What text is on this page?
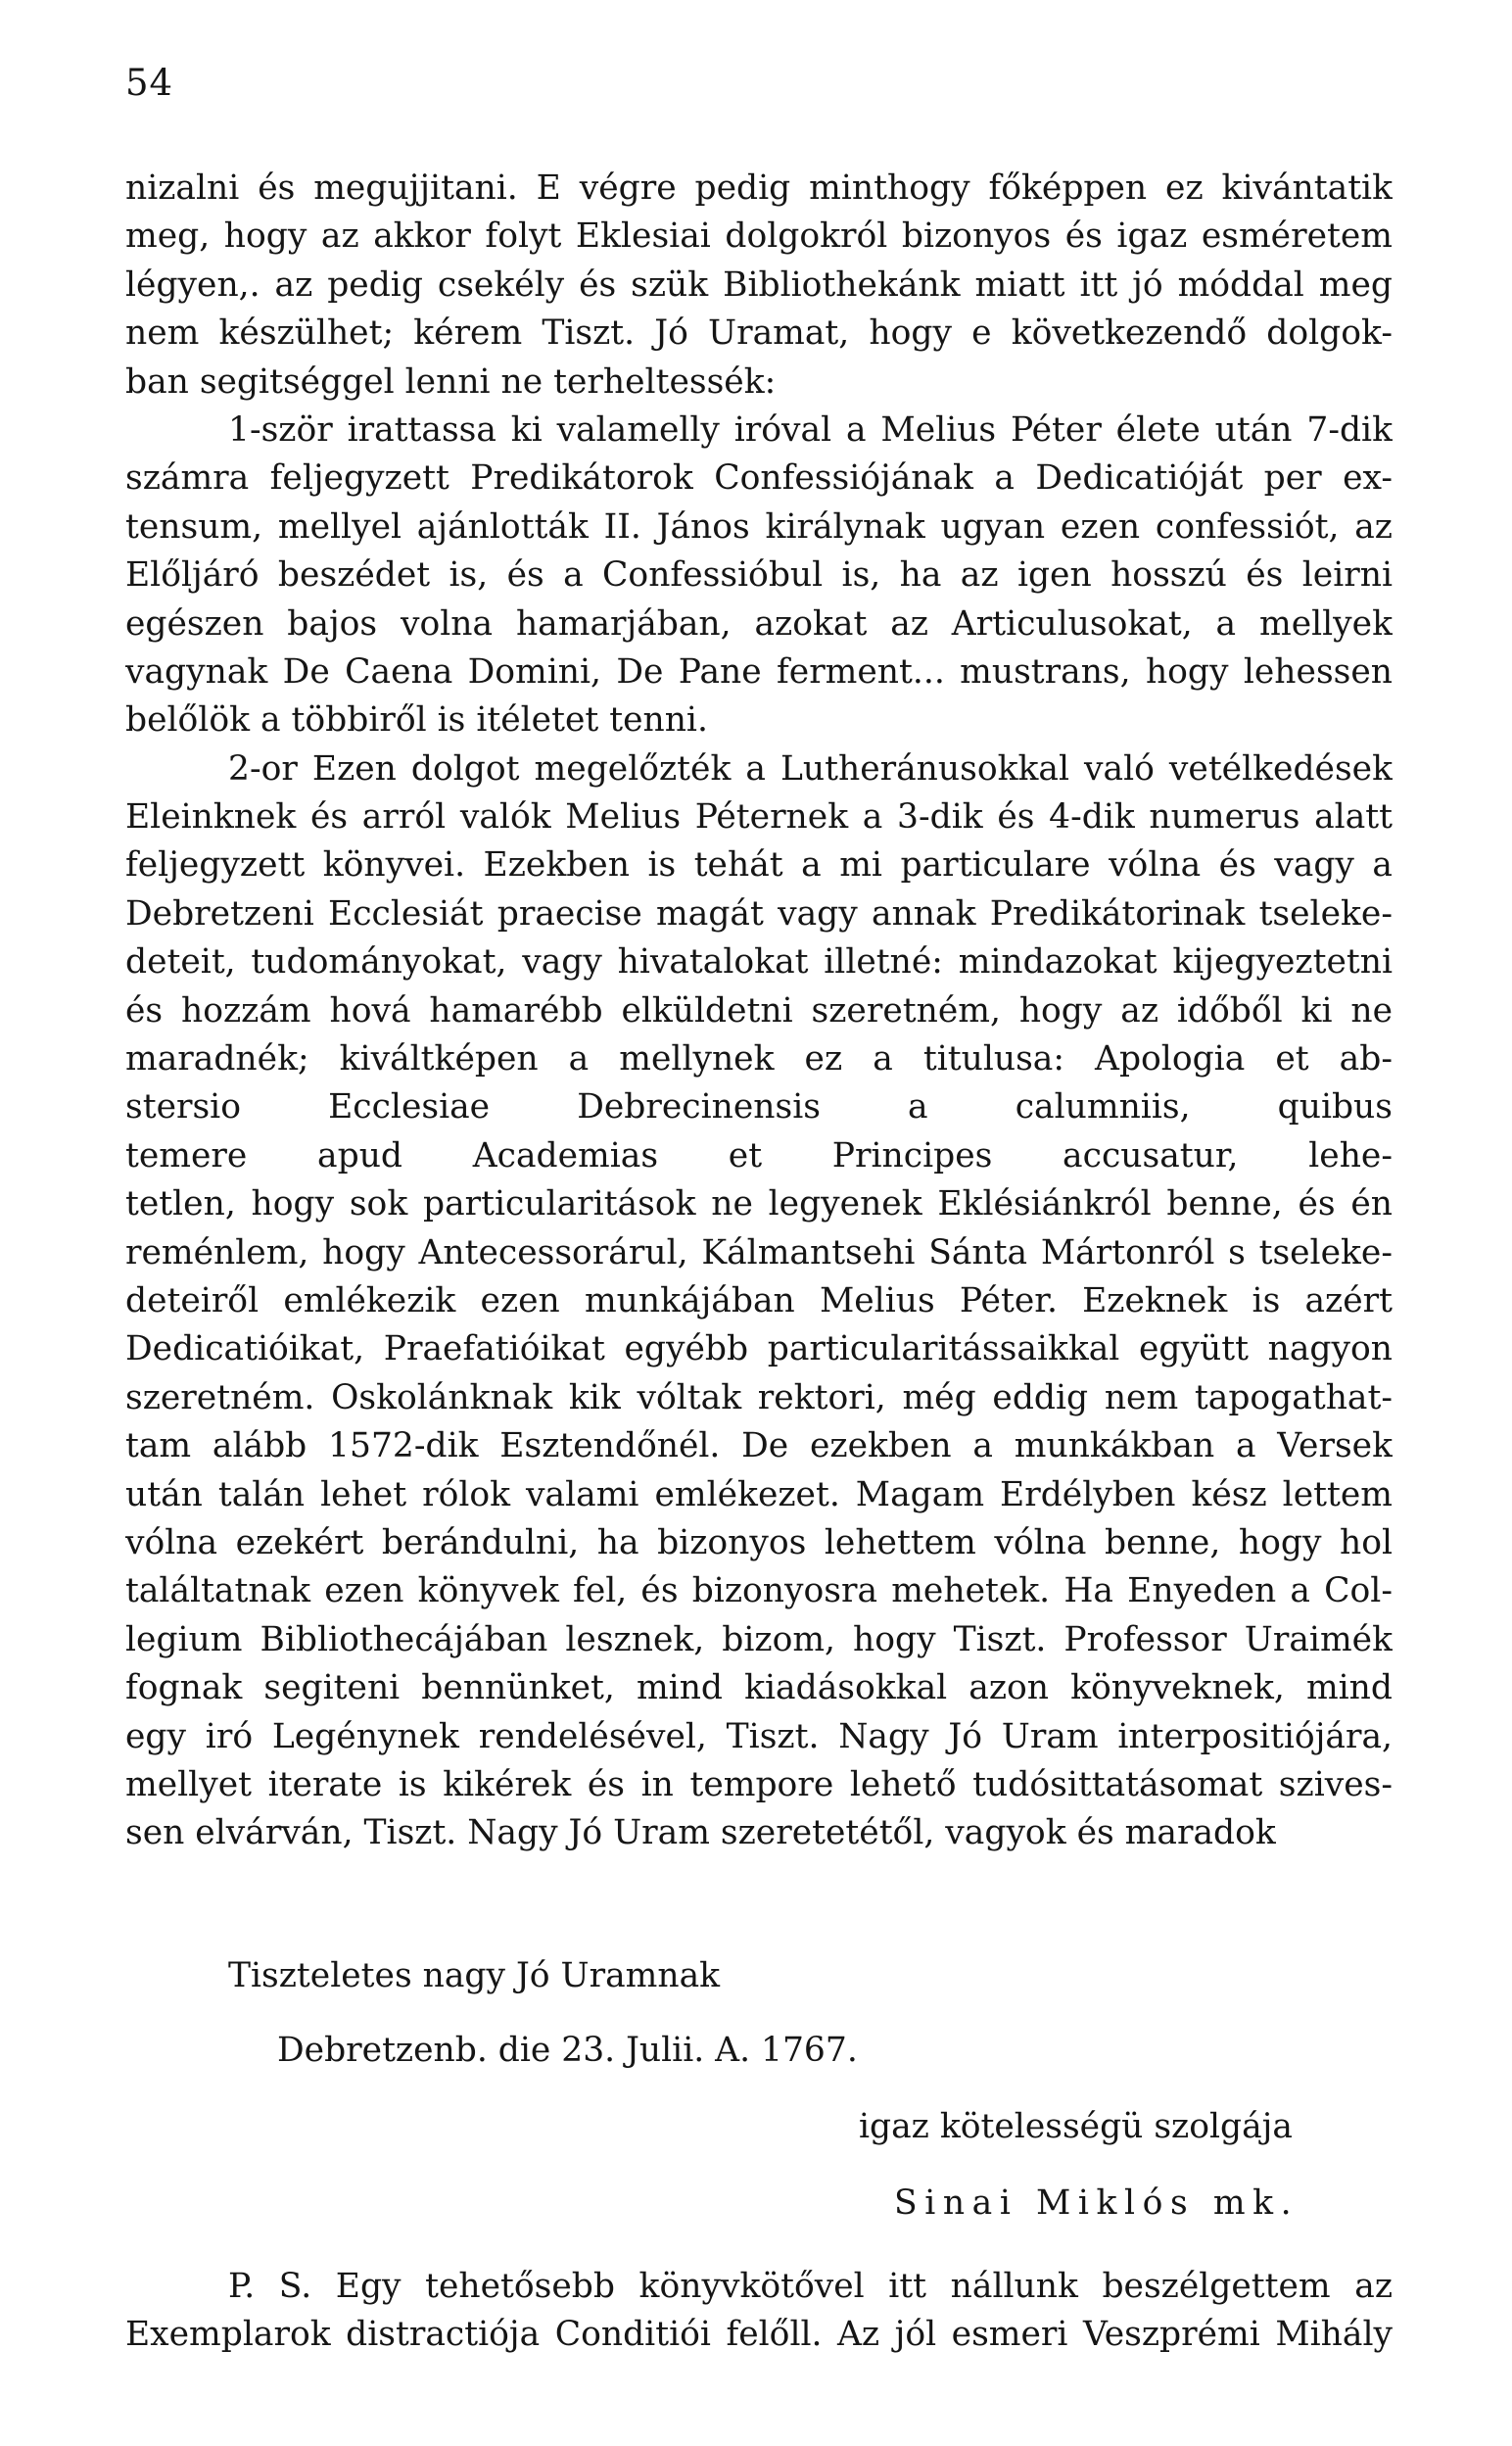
54
nizalni és megujjitani. E végre pedig minthogy főképpen ez kivántatik
meg, hogy az akkor folyt Eklesiai dolgokról bizonyos és igaz esméretem
légyen,. az pedig csekély és szük Bibliothekánk miatt itt jó móddal meg
nem készülhet; kérem Tiszt. Jó Uramat, hogy e következendő dolgok-
ban segitséggel lenni ne terheltessék:
1-ször irattassa ki valamelly iróval a Melius Péter élete után 7-dik
számra feljegyzett Predikátorok Confessiójának a Dedicatióját per ex-
tensum, mellyel ajánlották II. János királynak ugyan ezen confessiót, az
Előljáró beszédet is, és a Confessióbul is, ha az igen hosszú és leirni
egészen bajos volna hamarjában, azokat az Articulusokat, a mellyek
vagynak De Caena Domini, De Pane ferment... mustrans, hogy lehessen
belőlök a többiről is itéletet tenni.
2-or Ezen dolgot megelőzték a Lutheránusokkal való vetélkedések
Eleinknek és arról valók Melius Péternek a 3-dik és 4-dik numerus alatt
feljegyzett könyvei. Ezekben is tehát a mi particulare vólna és vagy a
Debretzeni Ecclesiát praecise magát vagy annak Predikátorinak tseleke-
deteit, tudományokat, vagy hivatalokat illetné: mindazokat kijegyeztetni
és hozzám hová hamarébb elküldetni szeretném, hogy az időből ki ne
maradnék; kiváltképen a mellynek ez a titulusa: Apologia et ab-
stersio Ecclesiae Debrecinensis a calumniis, quibus
temere apud Academias et Principes accusatur, lehe-
tetlen, hogy sok particularitások ne legyenek Eklésiánkról benne, és én
reménlem, hogy Antecessorárul, Kálmantsehi Sánta Mártonról s tseleke-
deteiről emlékezik ezen munkájában Melius Péter. Ezeknek is azért
Dedicatióikat, Praefatióikat egyébb particularitássaikkal együtt nagyon
szeretném. Oskolánknak kik vóltak rektori, még eddig nem tapogathat-
tam alább 1572-dik Esztendőnél. De ezekben a munkákban a Versek
után talán lehet rólok valami emlékezet. Magam Erdélyben kész lettem
vólna ezekért berándulni, ha bizonyos lehettem vólna benne, hogy hol
találtatnak ezen könyvek fel, és bizonyosra mehetek. Ha Enyeden a Col-
legium Bibliothecájában lesznek, bizom, hogy Tiszt. Professor Uraimék
fognak segiteni bennünket, mind kiadásokkal azon könyveknek, mind
egy iró Legénynek rendelésével, Tiszt. Nagy Jó Uram interpositiójára,
mellyet iterate is kikérek és in tempore lehető tudósittatásomat szives-
sen elvárván, Tiszt. Nagy Jó Uram szeretetétől, vagyok és maradok
Tiszteletes nagy Jó Uramnak
Debretzenb. die 23. Julii. A. 1767.
igaz kötelességü szolgája
Sinai Miklós mk.
P. S. Egy tehetősebb könyvkötővel itt nállunk beszélgettem az
Exemplarok distractiója Conditiói felőll. Az jól esmeri Veszprémi Mihály
